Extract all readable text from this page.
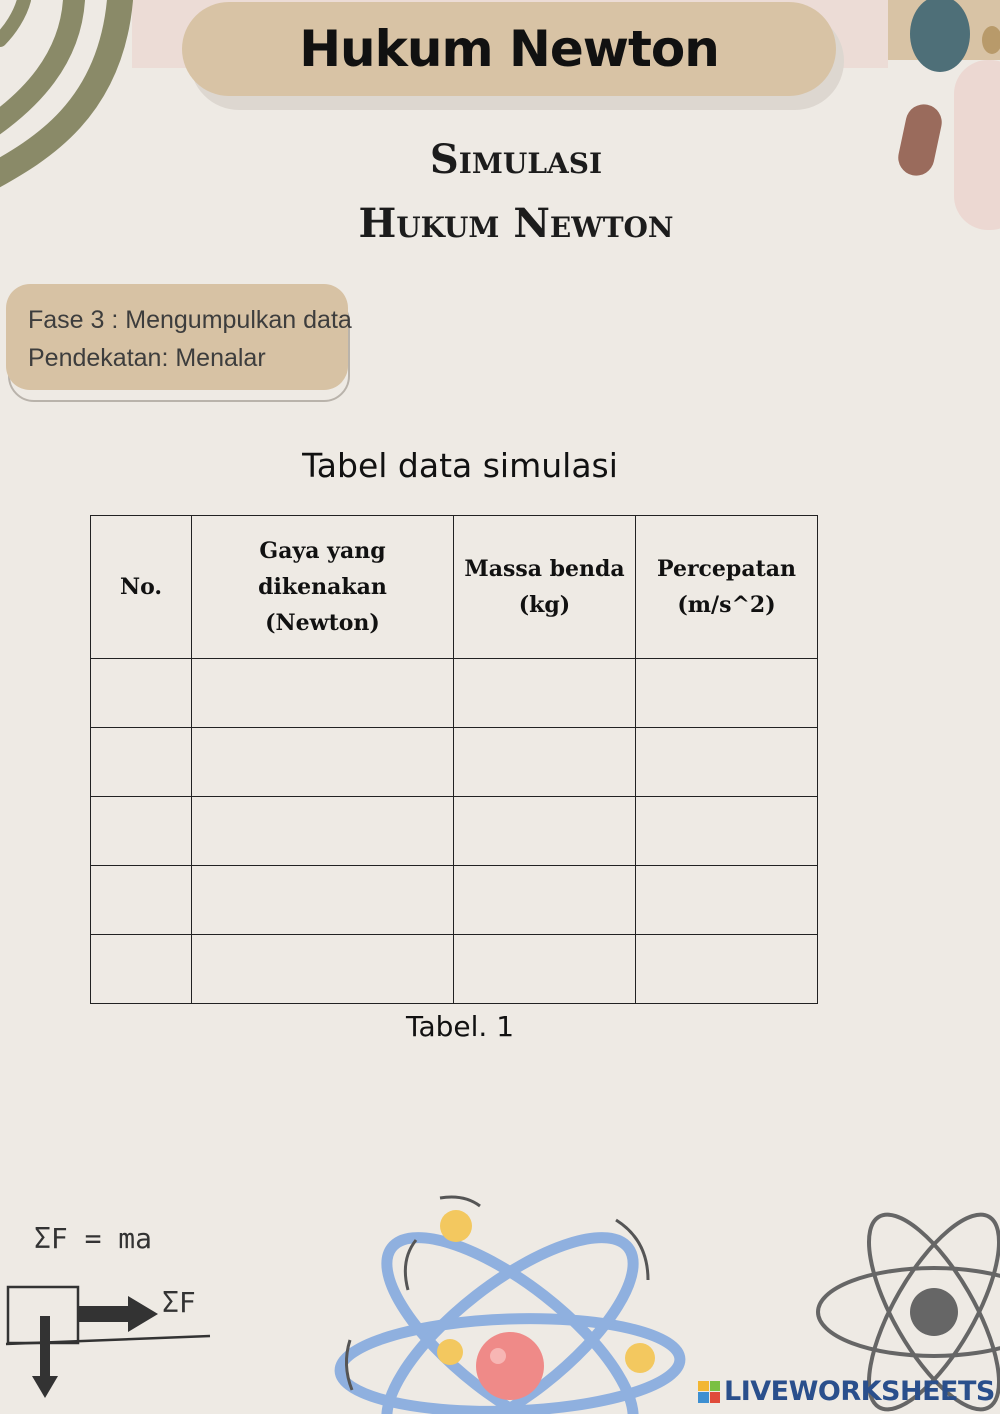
Hukum Newton
Simulasi
Hukum Newton
Fase 3 : Mengumpulkan data
Pendekatan: Menalar
Tabel data simulasi
No.	Gaya yang dikenakan (Newton)	Massa benda (kg)	Percepatan (m/s^2)

Tabel. 1
ΣF = ma
ΣF
LIVEWORKSHEETS
